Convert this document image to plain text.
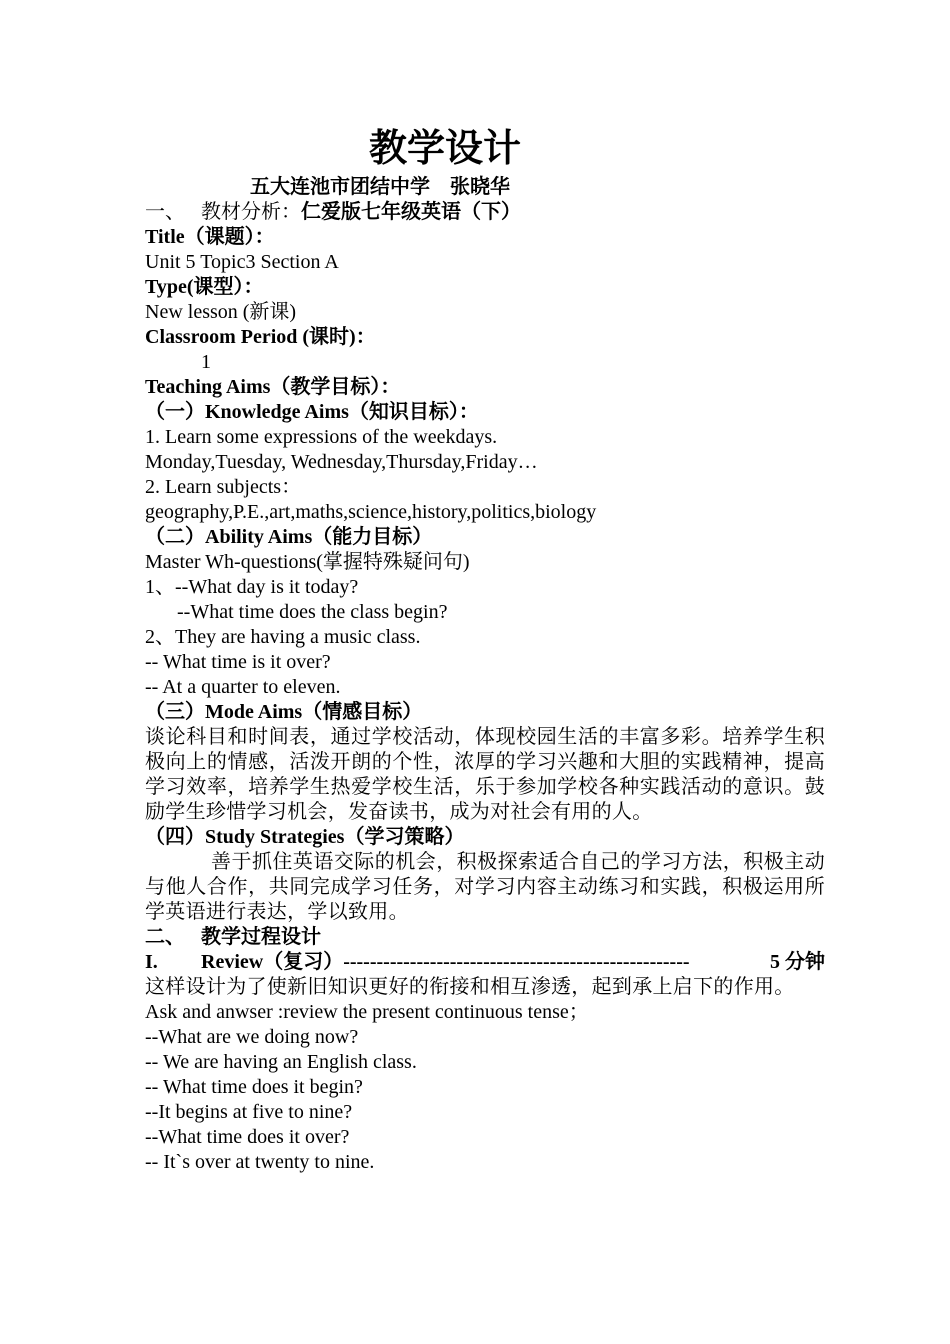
教学设计
五大连池市团结中学　张晓华
一、 教材分析：仁爱版七年级英语（下）
Title（课题）：
Unit 5 Topic3 Section A
Type(课型）：
New lesson (新课)
Classroom Period (课时)：
1
Teaching Aims（教学目标）：
（一）Knowledge Aims（知识目标）：
1. Learn some expressions of the weekdays.
Monday,Tuesday, Wednesday,Thursday,Friday…
2. Learn subjects：
geography,P.E.,art,maths,science,history,politics,biology
（二）Ability Aims（能力目标）
Master Wh-questions(掌握特殊疑问句)
1、--What day is it today?
--What time does the class begin?
2、They are having a music class.
-- What time is it over?
-- At a quarter to eleven.
（三）Mode Aims（情感目标）
谈论科目和时间表，通过学校活动，体现校园生活的丰富多彩。培养学生积极向上的情感，活泼开朗的个性，浓厚的学习兴趣和大胆的实践精神，提高学习效率，培养学生热爱学校生活，乐于参加学校各种实践活动的意识。鼓励学生珍惜学习机会，发奋读书，成为对社会有用的人。
（四）Study Strategies（学习策略）
善于抓住英语交际的机会，积极探索适合自己的学习方法，积极主动与他人合作，共同完成学习任务，对学习内容主动练习和实践，积极运用所学英语进行表达，学以致用。
二、 教学过程设计
I. Review（复习）----------------------------------------------------	5 分钟
这样设计为了使新旧知识更好的衔接和相互渗透，起到承上启下的作用。
Ask and anwser :review the present continuous tense；
--What are we doing now?
-- We are having an English class.
-- What time does it begin?
--It begins at five to nine?
--What time does it over?
-- It`s over at twenty to nine.
